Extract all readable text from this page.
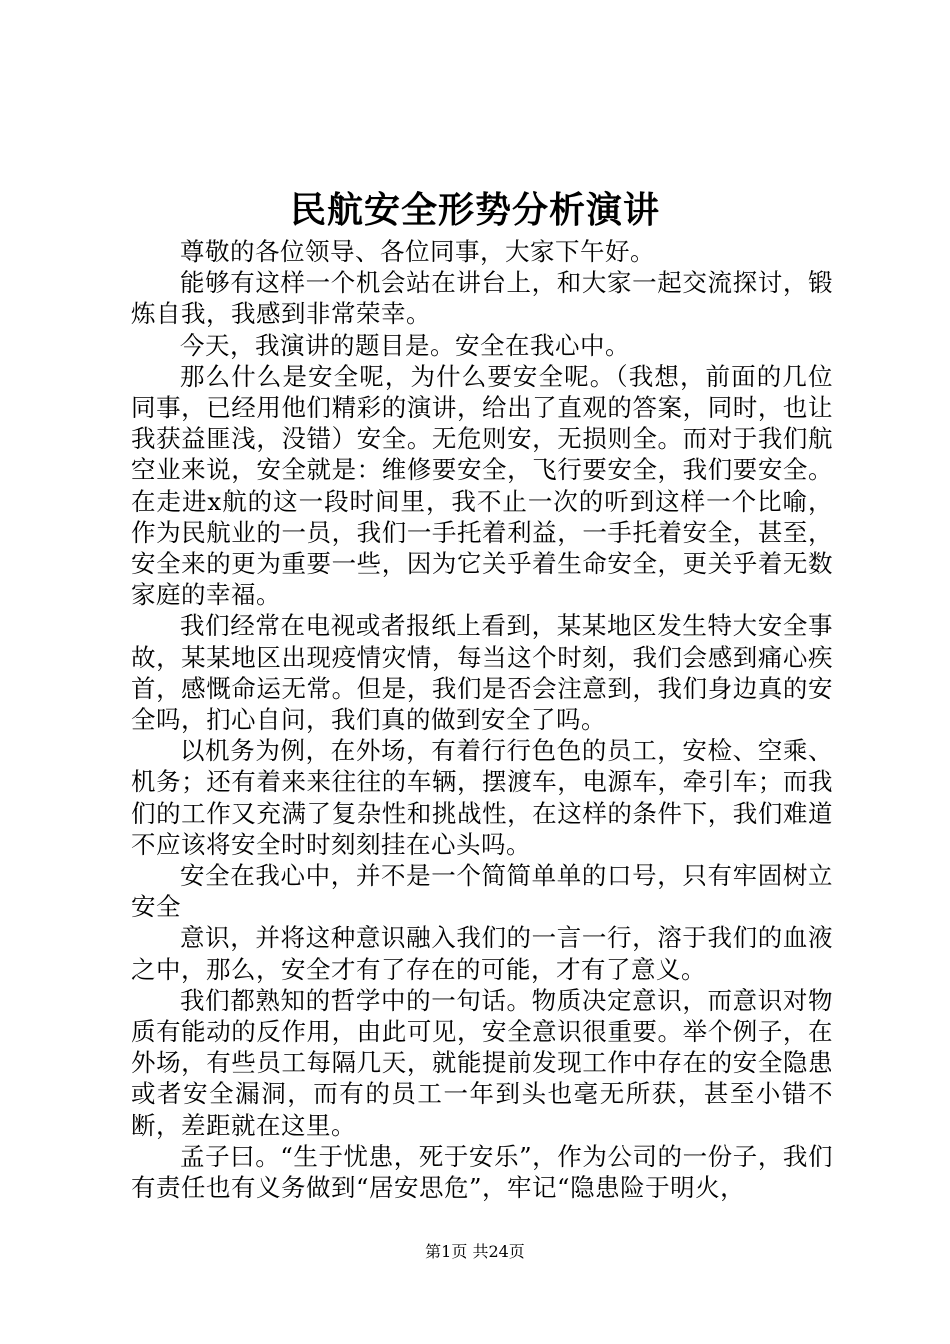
民航安全形势分析演讲

尊敬的各位领导、各位同事，大家下午好。

能够有这样一个机会站在讲台上，和大家一起交流探讨，锻炼自我，我感到非常荣幸。

今天，我演讲的题目是。安全在我心中。

那么什么是安全呢，为什么要安全呢。（我想，前面的几位同事，已经用他们精彩的演讲，给出了直观的答案，同时，也让我获益匪浅，没错）安全。无危则安，无损则全。而对于我们航空业来说，安全就是：维修要安全，飞行要安全，我们要安全。在走进x航的这一段时间里，我不止一次的听到这样一个比喻，作为民航业的一员，我们一手托着利益，一手托着安全，甚至，安全来的更为重要一些，因为它关乎着生命安全，更关乎着无数家庭的幸福。

我们经常在电视或者报纸上看到，某某地区发生特大安全事故，某某地区出现疫情灾情，每当这个时刻，我们会感到痛心疾首，感慨命运无常。但是，我们是否会注意到，我们身边真的安全吗，扪心自问，我们真的做到安全了吗。

以机务为例，在外场，有着行行色色的员工，安检、空乘、机务；还有着来来往往的车辆，摆渡车，电源车，牵引车；而我们的工作又充满了复杂性和挑战性，在这样的条件下，我们难道不应该将安全时时刻刻挂在心头吗。

安全在我心中，并不是一个简简单单的口号，只有牢固树立安全

意识，并将这种意识融入我们的一言一行，溶于我们的血液之中，那么，安全才有了存在的可能，才有了意义。

我们都熟知的哲学中的一句话。物质决定意识，而意识对物质有能动的反作用，由此可见，安全意识很重要。举个例子，在外场，有些员工每隔几天，就能提前发现工作中存在的安全隐患或者安全漏洞，而有的员工一年到头也毫无所获，甚至小错不断，差距就在这里。

孟子曰。“生于忧患，死于安乐”，作为公司的一份子，我们有责任也有义务做到“居安思危”，牢记“隐患险于明火，

第1页 共24页
